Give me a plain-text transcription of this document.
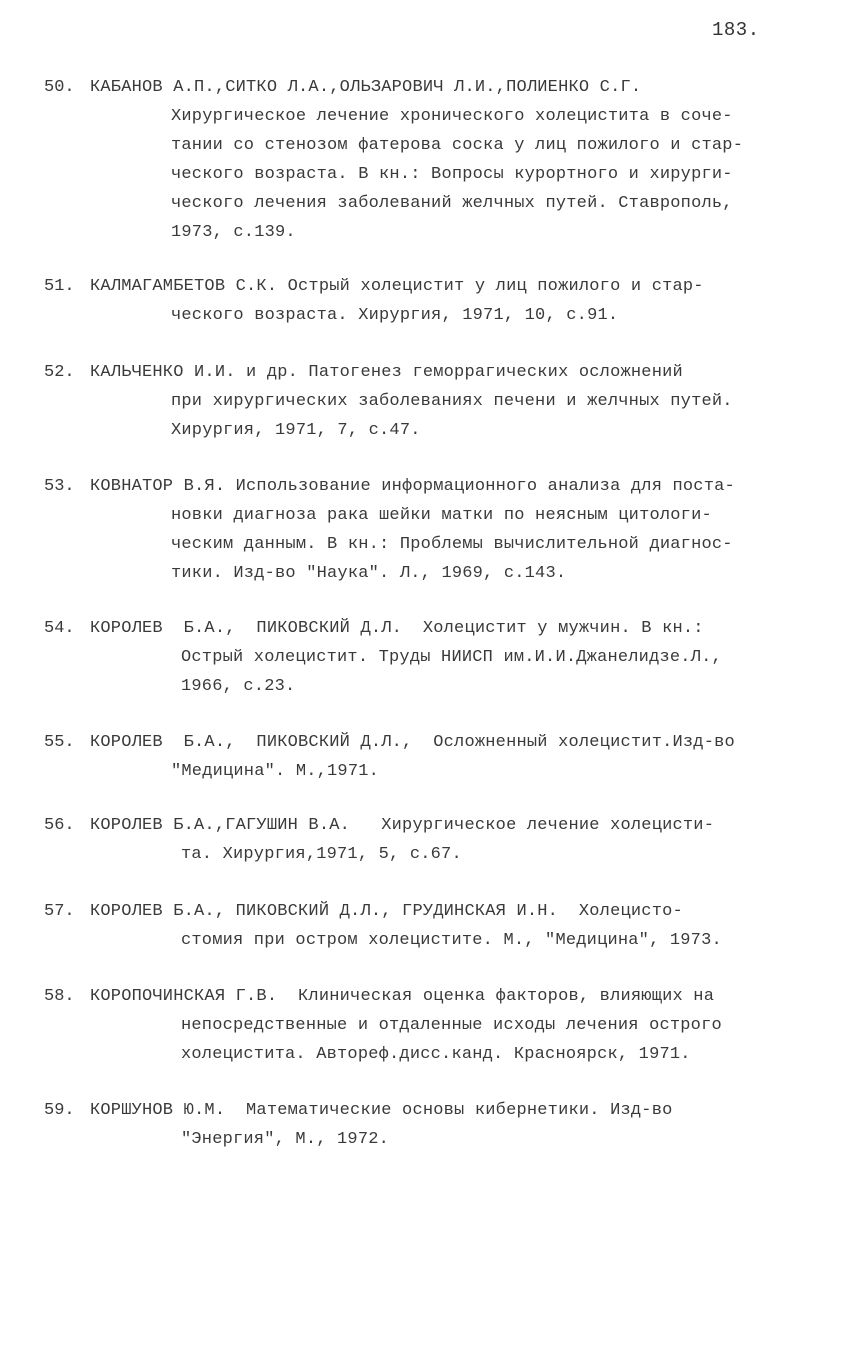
183.
50. КАБАНОВ А.П.,СИТКО Л.А.,ОЛЬЗАРОВИЧ Л.И.,ПОЛИЕНКО С.Г.
Хирургическое лечение хронического холецистита в соче-
тании со стенозом фатерова соска у лиц пожилого и стар-
ческого возраста. В кн.: Вопросы курортного и хирурги-
ческого лечения заболеваний желчных путей. Ставрополь,
1973, с.139.
51. КАЛМАГАМБЕТОВ С.К. Острый холецистит у лиц пожилого и стар-
ческого возраста. Хирургия, 1971, 10, с.91.
52. КАЛЬЧЕНКО И.И. и др. Патогенез геморрагических осложнений
при хирургических заболеваниях печени и желчных путей.
Хирургия, 1971, 7, с.47.
53. КОВНАТОР В.Я. Использование информационного анализа для поста-
новки диагноза рака шейки матки по неясным цитологи-
ческим данным. В кн.: Проблемы вычислительной диагнос-
тики. Изд-во "Наука". Л., 1969, с.143.
54. КОРОЛЕВ  Б.А.,  ПИКОВСКИЙ Д.Л.  Холецистит у мужчин. В кн.:
Острый холецистит. Труды НИИСП им.И.И.Джанелидзе.Л.,
1966, с.23.
55. КОРОЛЕВ  Б.А.,  ПИКОВСКИЙ Д.Л.,  Осложненный холецистит.Изд-во
"Медицина". М.,1971.
56. КОРОЛЕВ Б.А.,ГАГУШИН В.А.   Хирургическое лечение холецисти-
та. Хирургия,1971, 5, с.67.
57. КОРОЛЕВ Б.А., ПИКОВСКИЙ Д.Л., ГРУДИНСКАЯ И.Н.  Холецисто-
стомия при остром холецистите. М., "Медицина", 1973.
58. КОРОПОЧИНСКАЯ Г.В.  Клиническая оценка факторов, влияющих на
непосредственные и отдаленные исходы лечения острого
холецистита. Автореф.дисс.канд. Красноярск, 1971.
59. КОРШУНОВ Ю.М.  Математические основы кибернетики. Изд-во
"Энергия", М., 1972.
